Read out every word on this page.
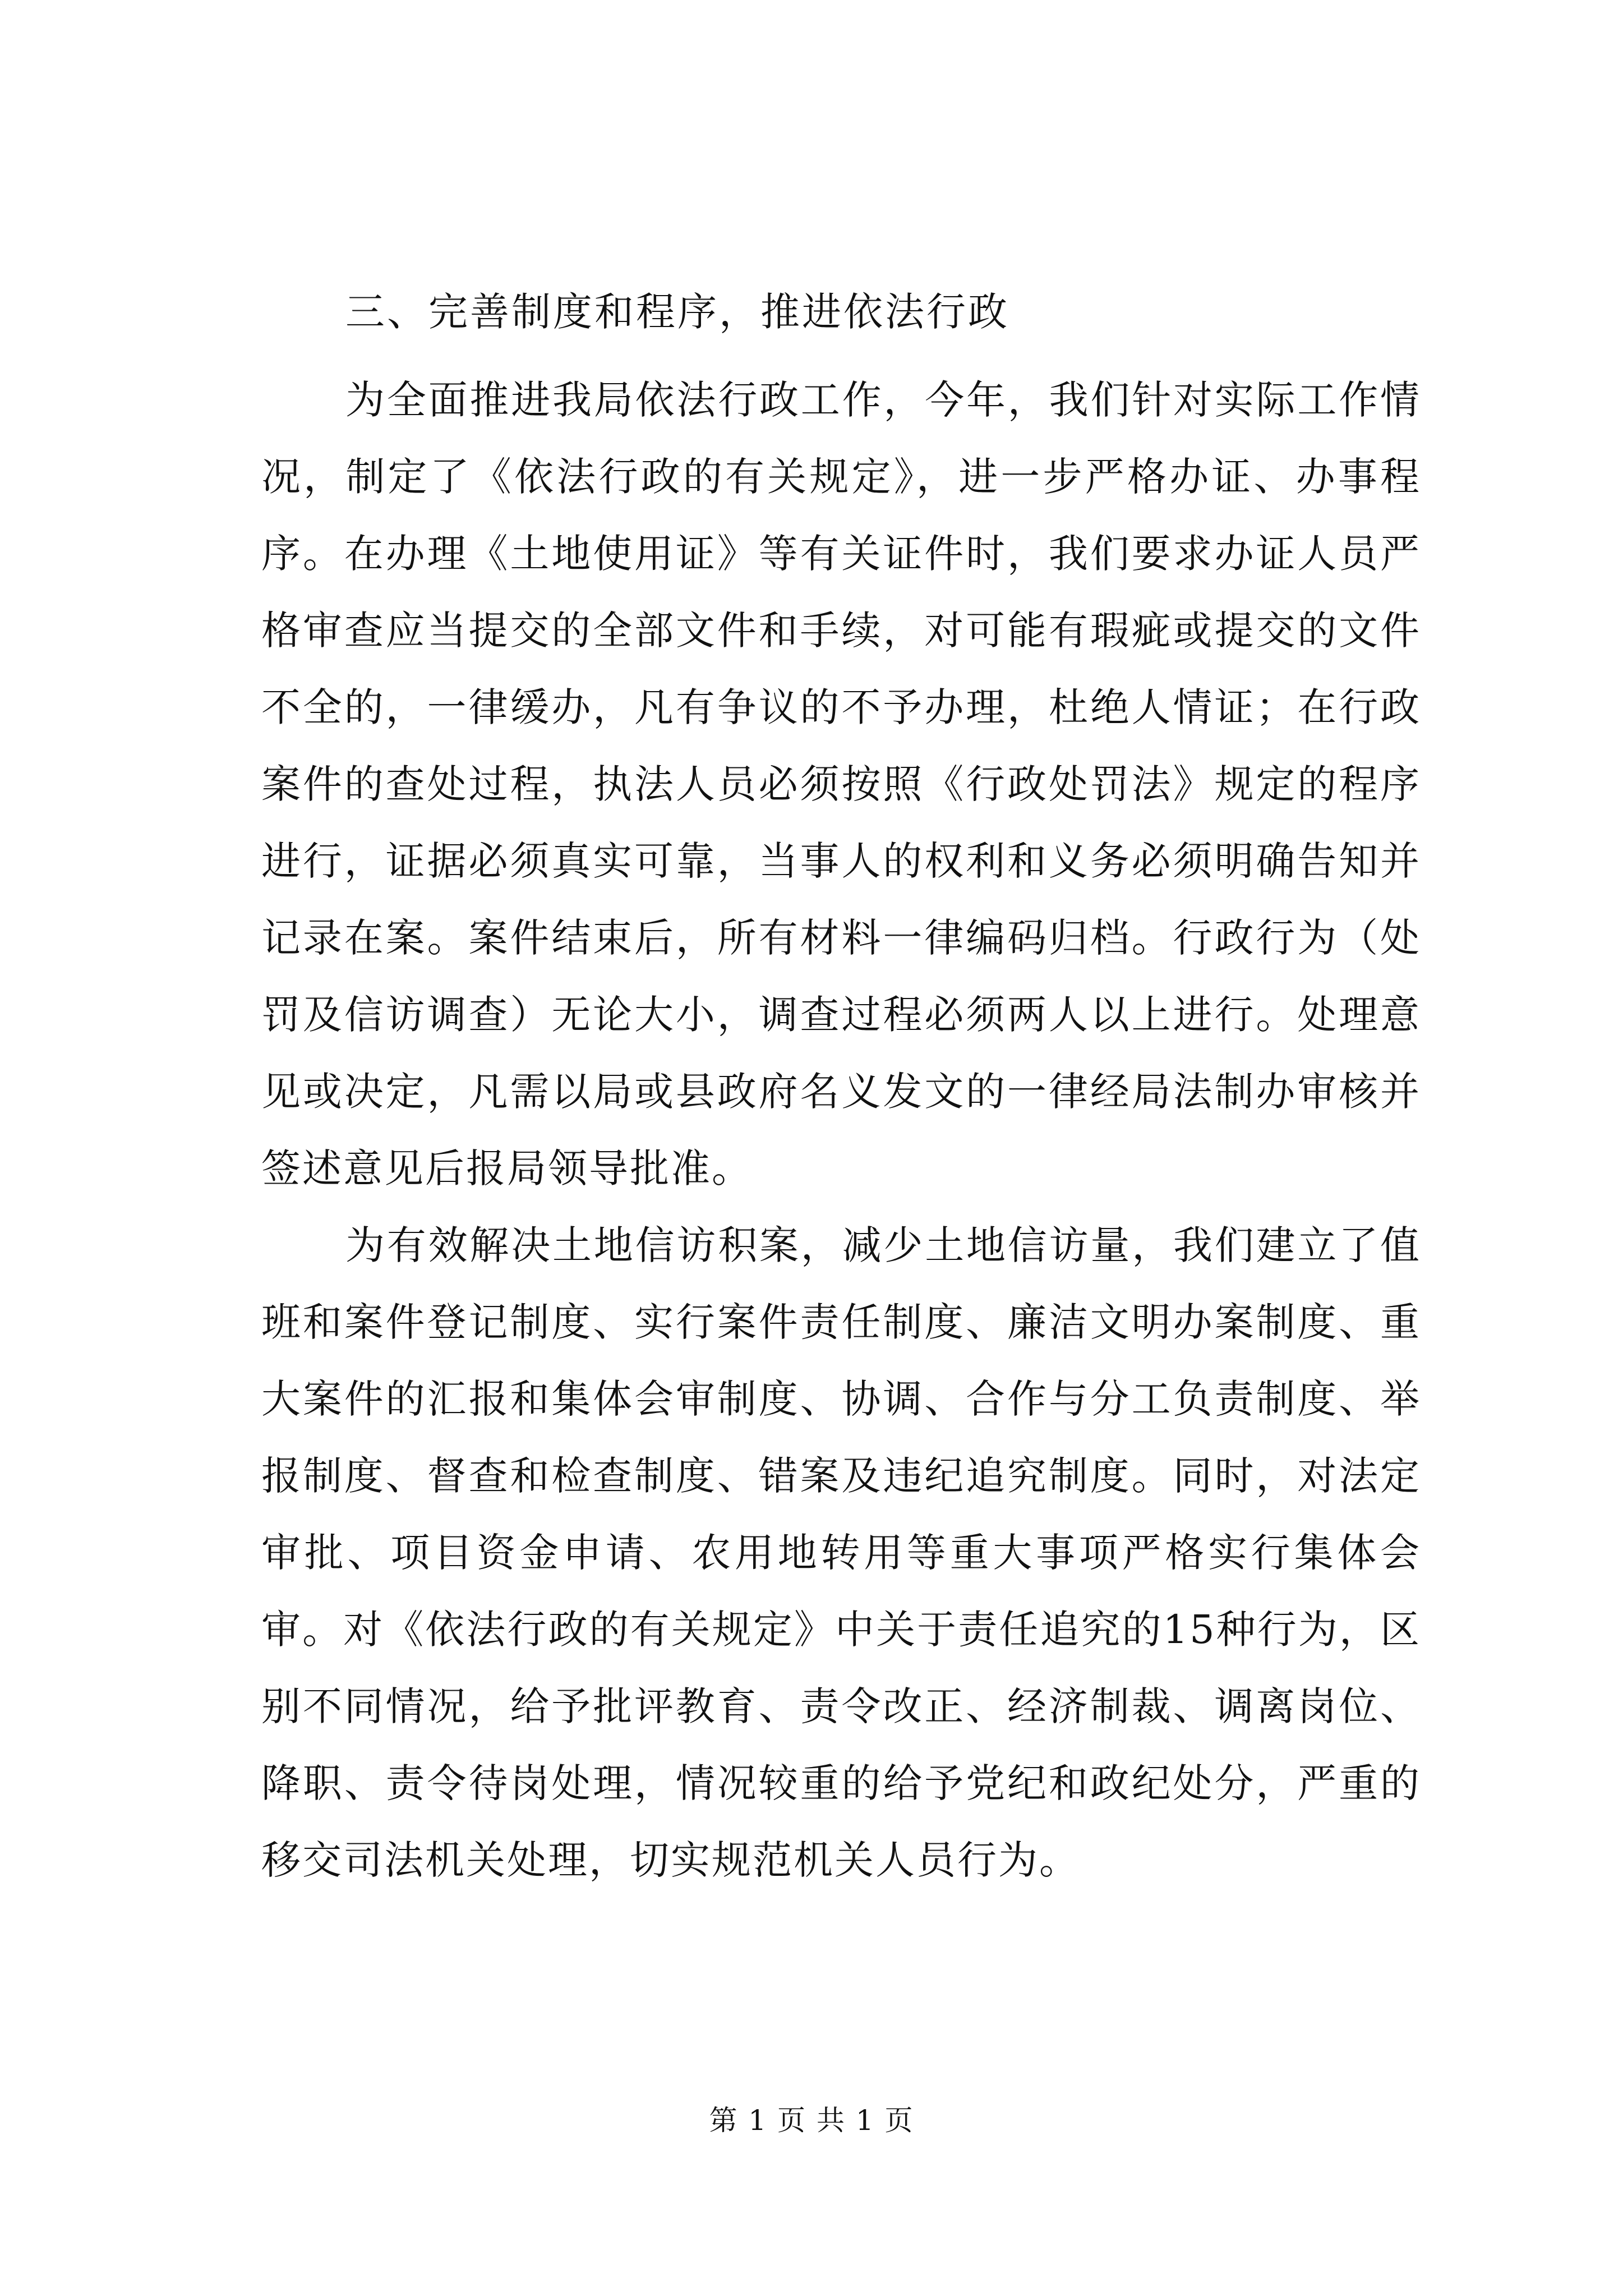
三、完善制度和程序，推进依法行政

为全面推进我局依法行政工作，今年，我们针对实际工作情况，制定了《依法行政的有关规定》，进一步严格办证、办事程序。在办理《土地使用证》等有关证件时，我们要求办证人员严格审查应当提交的全部文件和手续，对可能有瑕疵或提交的文件不全的，一律缓办，凡有争议的不予办理，杜绝人情证；在行政案件的查处过程，执法人员必须按照《行政处罚法》规定的程序进行，证据必须真实可靠，当事人的权利和义务必须明确告知并记录在案。案件结束后，所有材料一律编码归档。行政行为（处罚及信访调查）无论大小，调查过程必须两人以上进行。处理意见或决定，凡需以局或县政府名义发文的一律经局法制办审核并签述意见后报局领导批准。

为有效解决土地信访积案，减少土地信访量，我们建立了值班和案件登记制度、实行案件责任制度、廉洁文明办案制度、重大案件的汇报和集体会审制度、协调、合作与分工负责制度、举报制度、督查和检查制度、错案及违纪追究制度。同时，对法定审批、项目资金申请、农用地转用等重大事项严格实行集体会审。对《依法行政的有关规定》中关于责任追究的15种行为，区别不同情况，给予批评教育、责令改正、经济制裁、调离岗位、降职、责令待岗处理，情况较重的给予党纪和政纪处分，严重的移交司法机关处理，切实规范机关人员行为。

第 1 页 共 1 页
